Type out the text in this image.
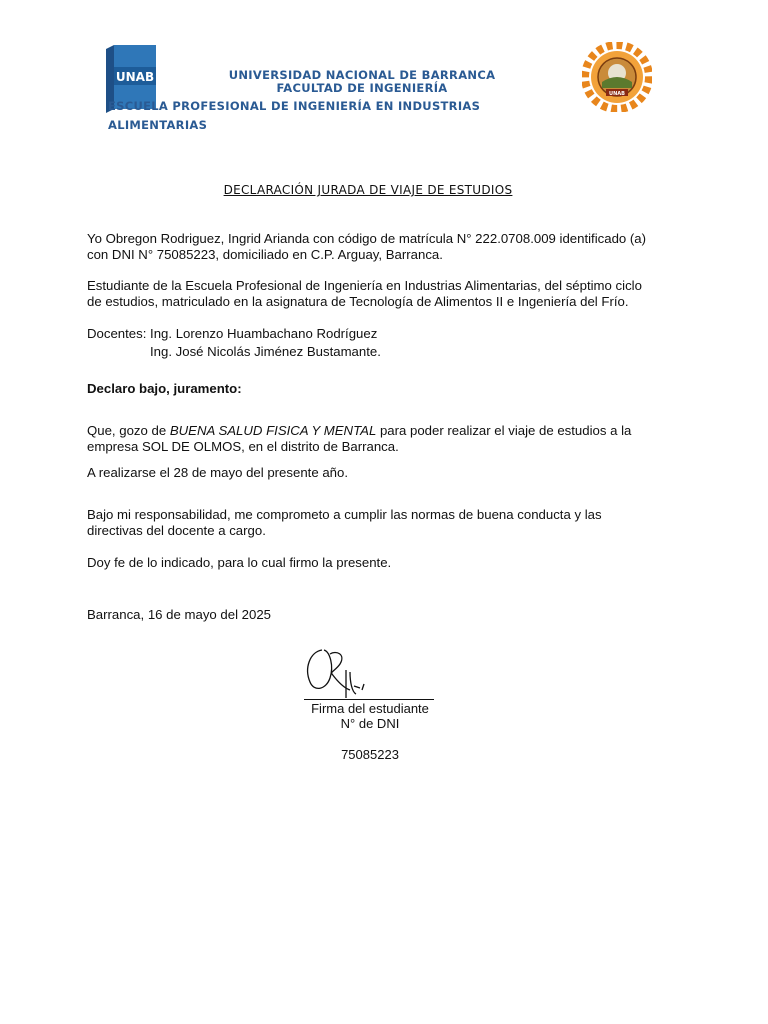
UNAB
UNAB
UNIVERSIDAD NACIONAL DE BARRANCA
FACULTAD DE INGENIERÍA
ESCUELA PROFESIONAL DE INGENIERÍA EN INDUSTRIAS
ALIMENTARIAS
DECLARACIÓN JURADA DE VIAJE DE ESTUDIOS
Yo Obregon Rodriguez, Ingrid Arianda con código de matrícula N° 222.0708.009 identificado (a)
con DNI N° 75085223, domiciliado en C.P. Arguay, Barranca.
Estudiante de la Escuela Profesional de Ingeniería en Industrias Alimentarias, del séptimo ciclo
de estudios, matriculado en la asignatura de Tecnología de Alimentos II e Ingeniería del Frío.
Docentes: Ing. Lorenzo Huambachano Rodríguez
Ing. José Nicolás Jiménez Bustamante.
Declaro bajo, juramento:
Que, gozo de BUENA SALUD FISICA Y MENTAL para poder realizar el viaje de estudios a la
empresa SOL DE OLMOS, en el distrito de Barranca.
A realizarse el 28 de mayo del presente año.
Bajo mi responsabilidad, me comprometo a cumplir las normas de buena conducta y las
directivas del docente a cargo.
Doy fe de lo indicado, para lo cual firmo la presente.
Barranca, 16 de mayo del 2025
Firma del estudiante
N° de DNI
75085223
